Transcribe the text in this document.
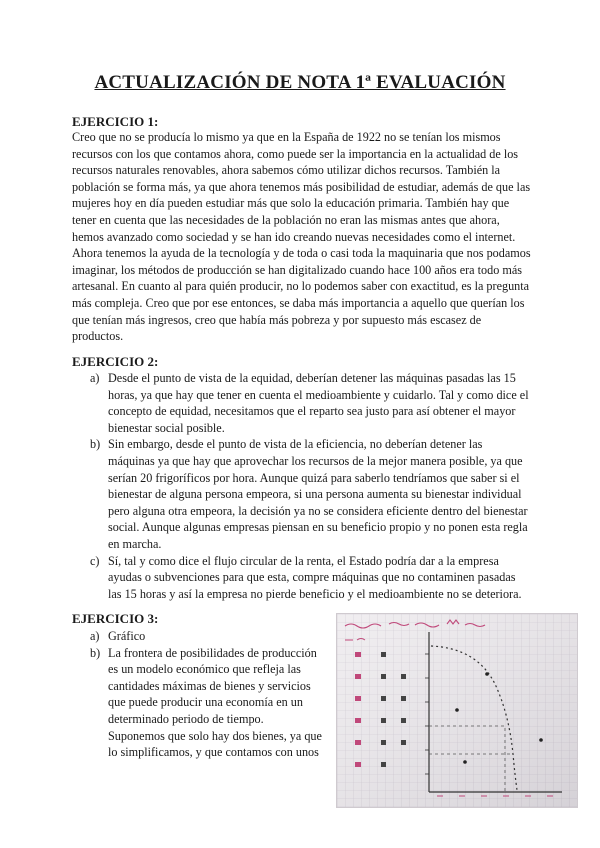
ACTUALIZACIÓN DE NOTA 1ª EVALUACIÓN

EJERCICIO 1:

Creo que no se producía lo mismo ya que en la España de 1922 no se tenían los mismos recursos con los que contamos ahora, como puede ser la importancia en la actualidad de los recursos naturales renovables, ahora sabemos cómo utilizar dichos recursos. También la población se forma más, ya que ahora tenemos más posibilidad de estudiar, además de que las mujeres hoy en día pueden estudiar más que solo la educación primaria. También hay que tener en cuenta que las necesidades de la población no eran las mismas antes que ahora, hemos avanzado como sociedad y se han ido creando nuevas necesidades como el internet. Ahora tenemos la ayuda de la tecnología y de toda o casi toda la maquinaria que nos podamos imaginar, los métodos de producción se han digitalizado cuando hace 100 años era todo más artesanal. En cuanto al para quién producir, no lo podemos saber con exactitud, es la pregunta más compleja. Creo que por ese entonces, se daba más importancia a aquello que querían los que tenían más ingresos, creo que había más pobreza y por supuesto más escasez de productos.

EJERCICIO 2:

a) Desde el punto de vista de la equidad, deberían detener las máquinas pasadas las 15 horas, ya que hay que tener en cuenta el medioambiente y cuidarlo. Tal y como dice el concepto de equidad, necesitamos que el reparto sea justo para así obtener el mayor bienestar social posible.
b) Sin embargo, desde el punto de vista de la eficiencia, no deberían detener las máquinas ya que hay que aprovechar los recursos de la mejor manera posible, ya que serían 20 frigoríficos por hora. Aunque quizá para saberlo tendríamos que saber si el bienestar de alguna persona empeora, si una persona aumenta su bienestar individual pero alguna otra empeora, la decisión ya no se considera eficiente dentro del bienestar social. Aunque algunas empresas piensan en su beneficio propio y no ponen esta regla en marcha.
c) Sí, tal y como dice el flujo circular de la renta, el Estado podría dar a la empresa ayudas o subvenciones para que esta, compre máquinas que no contaminen pasadas las 15 horas y así la empresa no pierde beneficio y el medioambiente no se deteriora.

EJERCICIO 3:

a) Gráfico
b) La frontera de posibilidades de producción es un modelo económico que refleja las cantidades máximas de bienes y servicios que puede producir una economía en un determinado periodo de tiempo. Suponemos que solo hay dos bienes, ya que lo simplificamos, y que contamos con unos
